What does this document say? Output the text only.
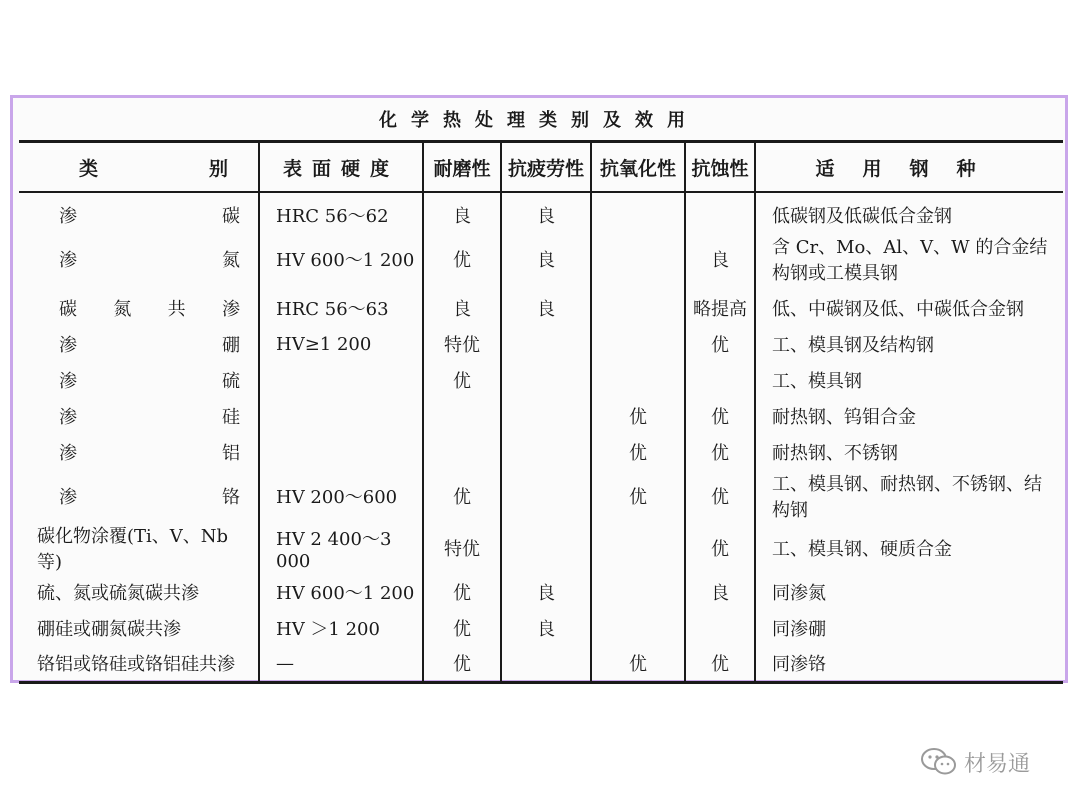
化学热处理类别及效用
类别	表面硬度	耐磨性	抗疲劳性	抗氧化性	抗蚀性	适用钢种
渗碳	HRC 56～62	良	良			低碳钢及低碳低合金钢
渗氮	HV 600～1 200	优	良		良	含 Cr、Mo、Al、V、W 的合金结构钢或工模具钢
碳氮共渗	HRC 56～63	良	良		略提高	低、中碳钢及低、中碳低合金钢
渗硼	HV≥1 200	特优			优	工、模具钢及结构钢
渗硫		优				工、模具钢
渗硅				优	优	耐热钢、钨钼合金
渗铝				优	优	耐热钢、不锈钢
渗铬	HV 200～600	优		优	优	工、模具钢、耐热钢、不锈钢、结构钢
碳化物涂覆(Ti、V、Nb等)	HV 2 400～3 000	特优			优	工、模具钢、硬质合金
硫、氮或硫氮碳共渗	HV 600～1 200	优	良		良	同渗氮
硼硅或硼氮碳共渗	HV ＞1 200	优	良			同渗硼
铬铝或铬硅或铬铝硅共渗	—	优		优	优	同渗铬
材易通
